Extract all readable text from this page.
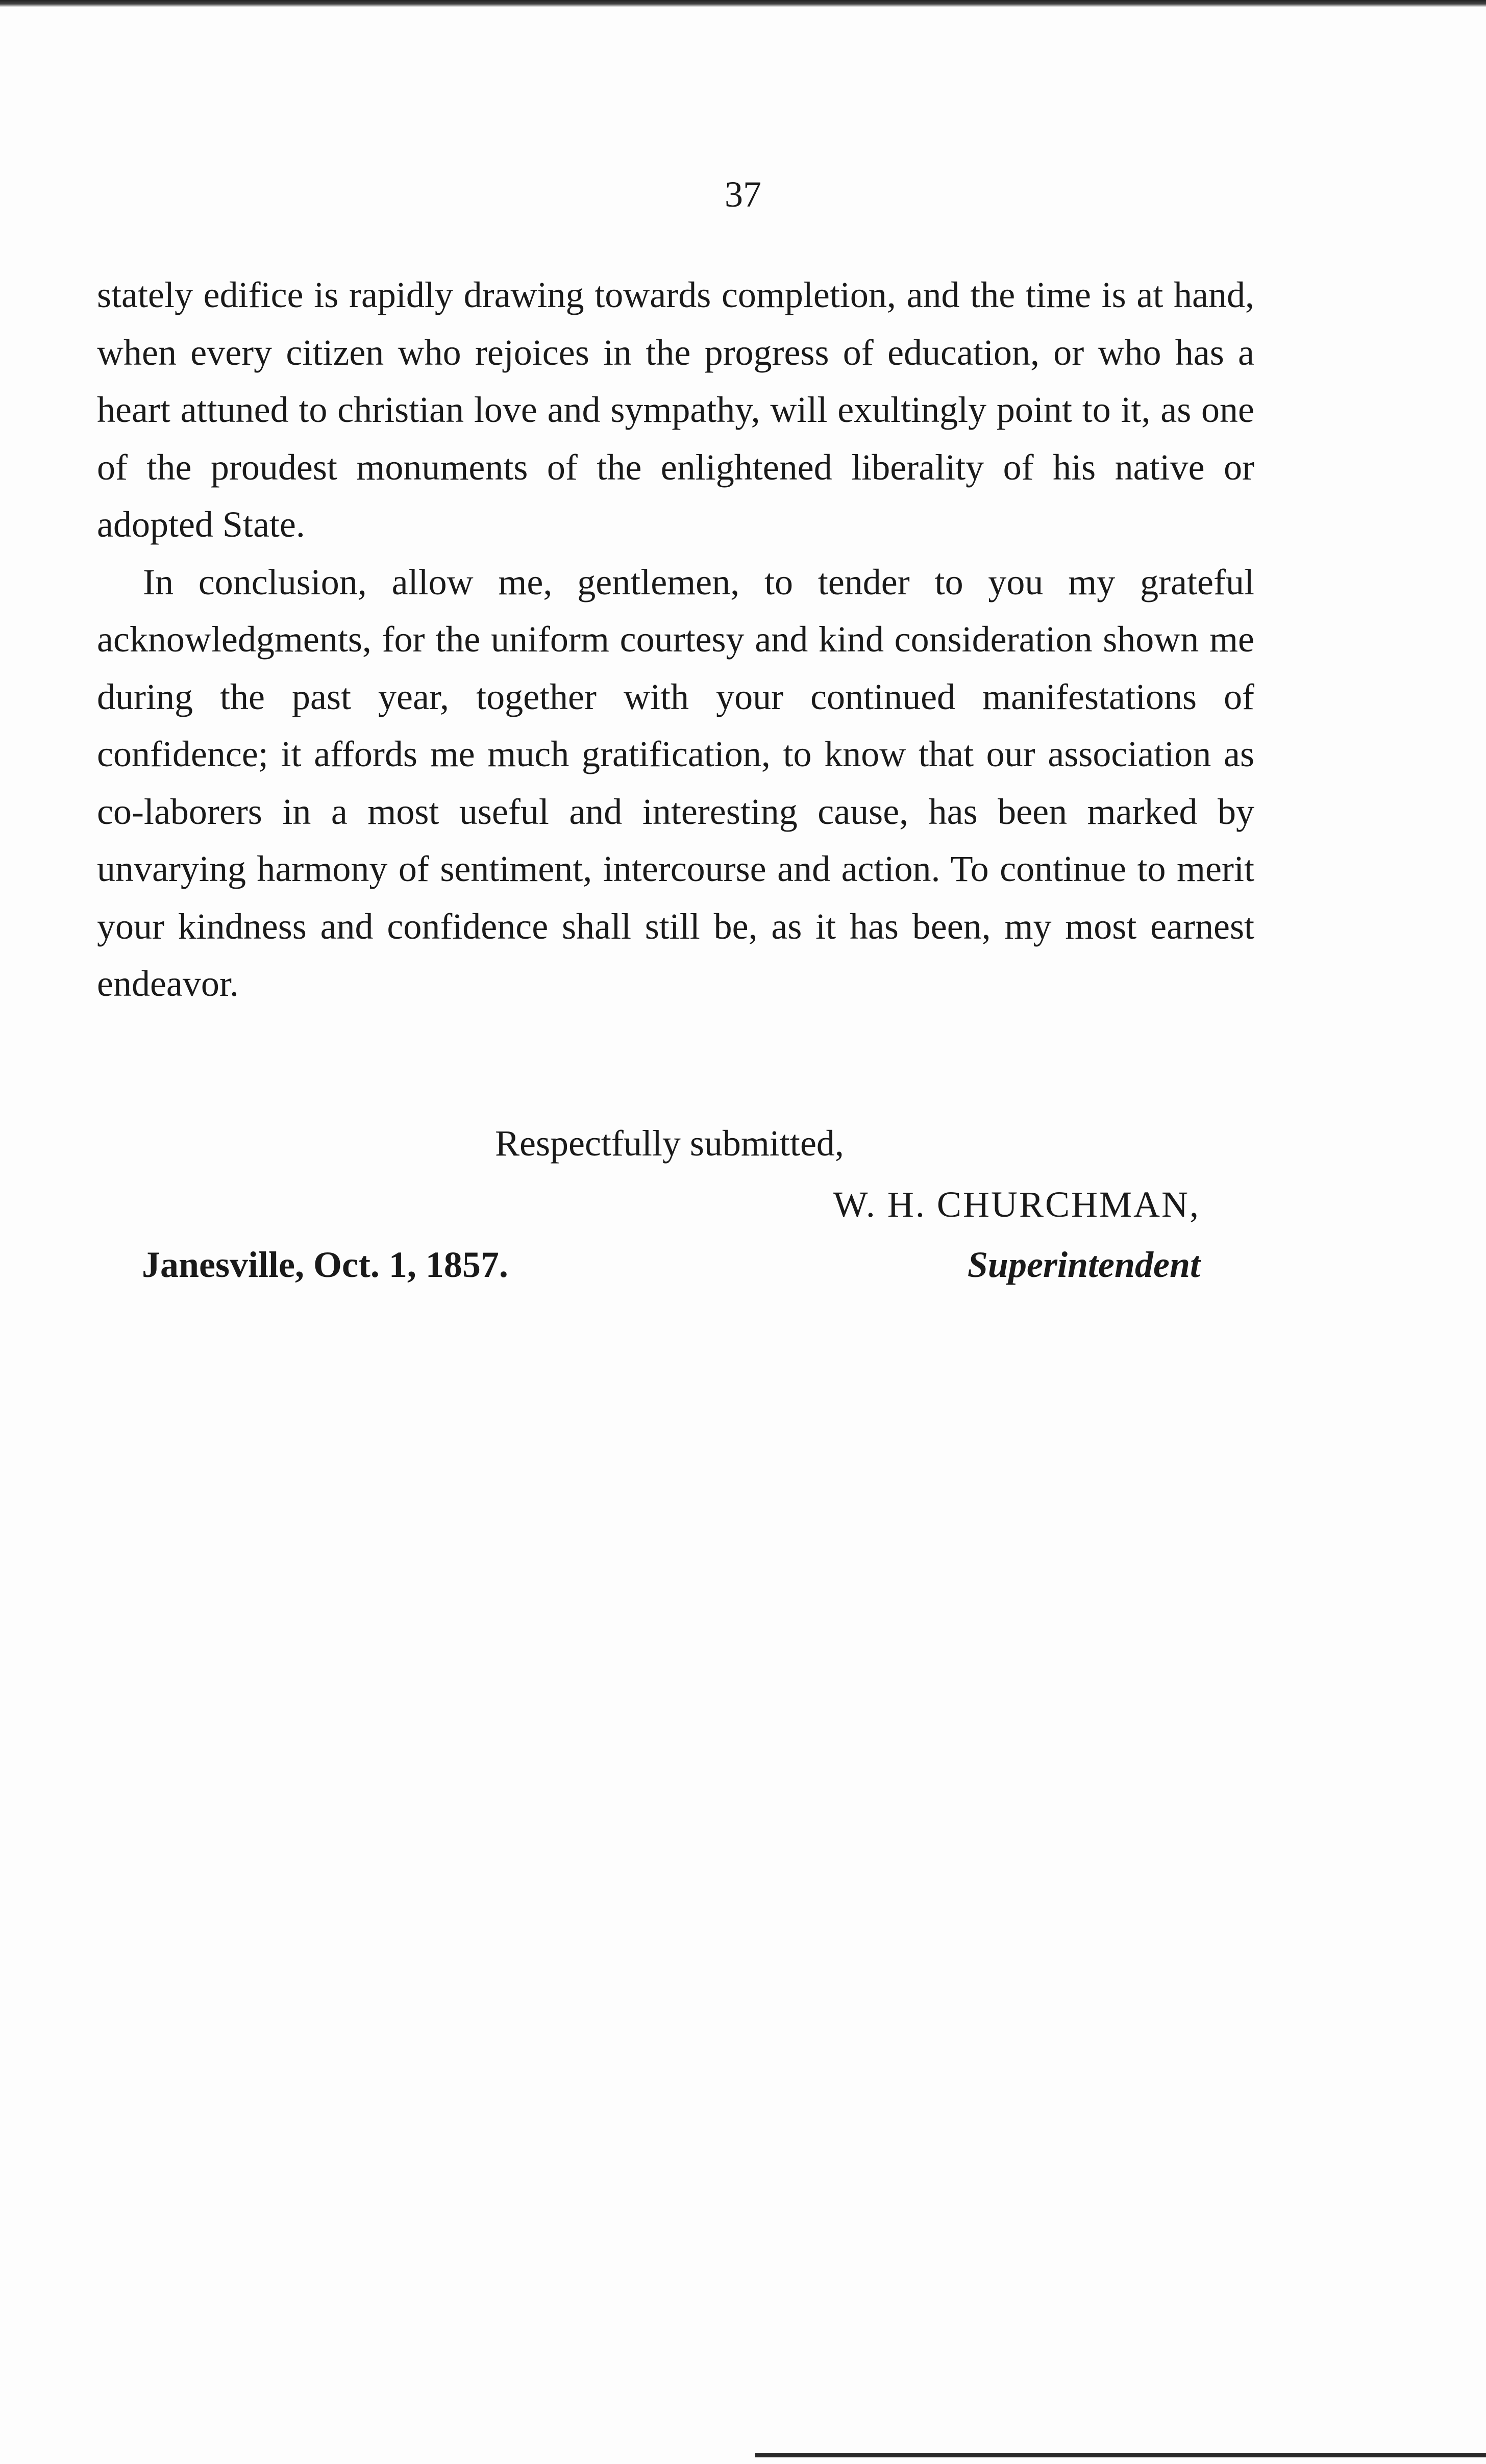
37

stately edifice is rapidly drawing towards completion, and the time is at hand, when every citizen who rejoices in the progress of education, or who has a heart attuned to christian love and sympathy, will exultingly point to it, as one of the proudest monuments of the enlightened liberality of his native or adopted State.

In conclusion, allow me, gentlemen, to tender to you my grateful acknowledgments, for the uniform courtesy and kind consideration shown me during the past year, together with your continued manifestations of confidence; it affords me much gratification, to know that our association as co-laborers in a most useful and interesting cause, has been marked by unvarying harmony of sentiment, intercourse and action. To continue to merit your kindness and confidence shall still be, as it has been, my most earnest endeavor.

Respectfully submitted,
W. H. CHURCHMAN,
Janesville, Oct. 1, 1857.	Superintendent
